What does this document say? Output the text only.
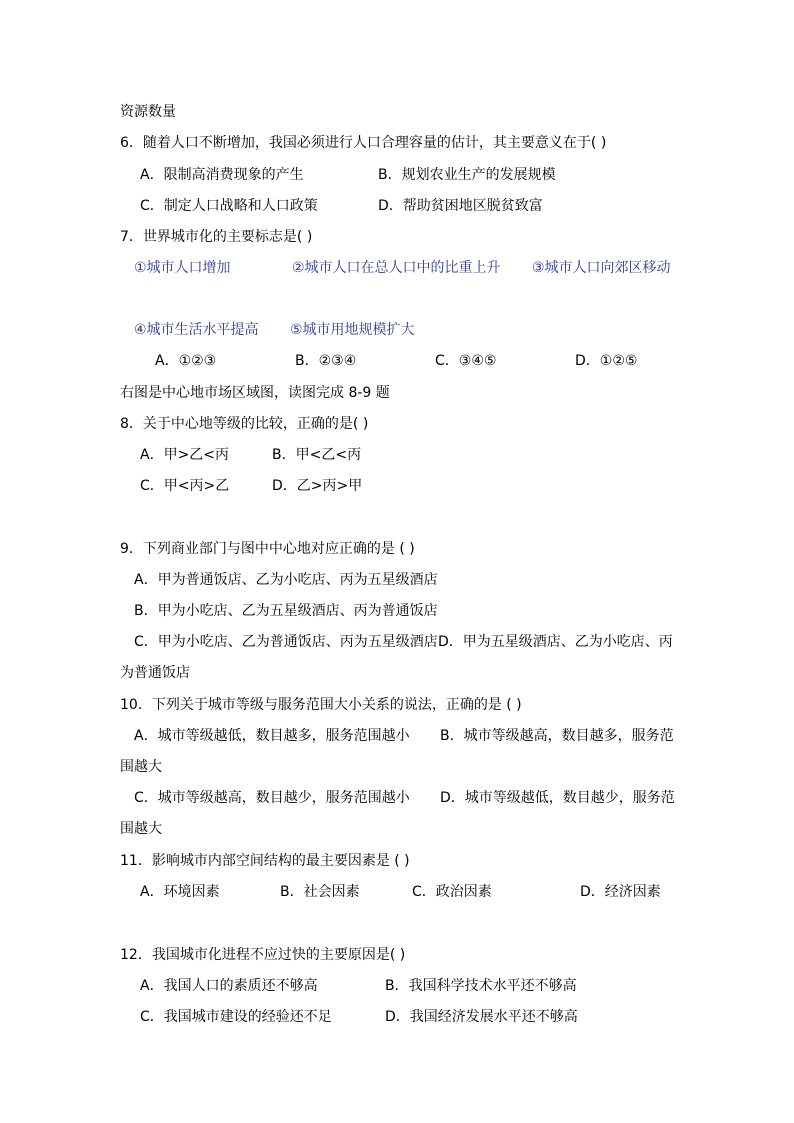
资源数量
6．随着人口不断增加，我国必须进行人口合理容量的估计，其主要意义在于( )
A．限制高消费现象的产生	B．规划农业生产的发展规模
C．制定人口战略和人口政策	D．帮助贫困地区脱贫致富
7．世界城市化的主要标志是( )
①城市人口增加	②城市人口在总人口中的比重上升 ③城市人口向郊区移动
④城市生活水平提高 ⑤城市用地规模扩大
A．①②③	B．②③④	C．③④⑤	D．①②⑤
右图是中心地市场区域图，读图完成 8-9 题
8．关于中心地等级的比较，正确的是( )
A．甲>乙<丙	B．甲<乙<丙
C．甲<丙>乙	D．乙>丙>甲
9．下列商业部门与图中中心地对应正确的是 ( )
A．甲为普通饭店、乙为小吃店、丙为五星级酒店
B．甲为小吃店、乙为五星级酒店、丙为普通饭店
C．甲为小吃店、乙为普通饭店、丙为五星级酒店 D．甲为五星级酒店、乙为小吃店、丙
为普通饭店
10．下列关于城市等级与服务范围大小关系的说法，正确的是 ( )
A．城市等级越低，数目越多，服务范围越小 B．城市等级越高，数目越多，服务范
围越大
C．城市等级越高，数目越少，服务范围越小 D．城市等级越低，数目越少，服务范
围越大
11．影响城市内部空间结构的最主要因素是 ( )
A．环境因素	B．社会因素	C．政治因素	D．经济因素
12．我国城市化进程不应过快的主要原因是( )
A．我国人口的素质还不够高	B．我国科学技术水平还不够高
C．我国城市建设的经验还不足	D．我国经济发展水平还不够高
